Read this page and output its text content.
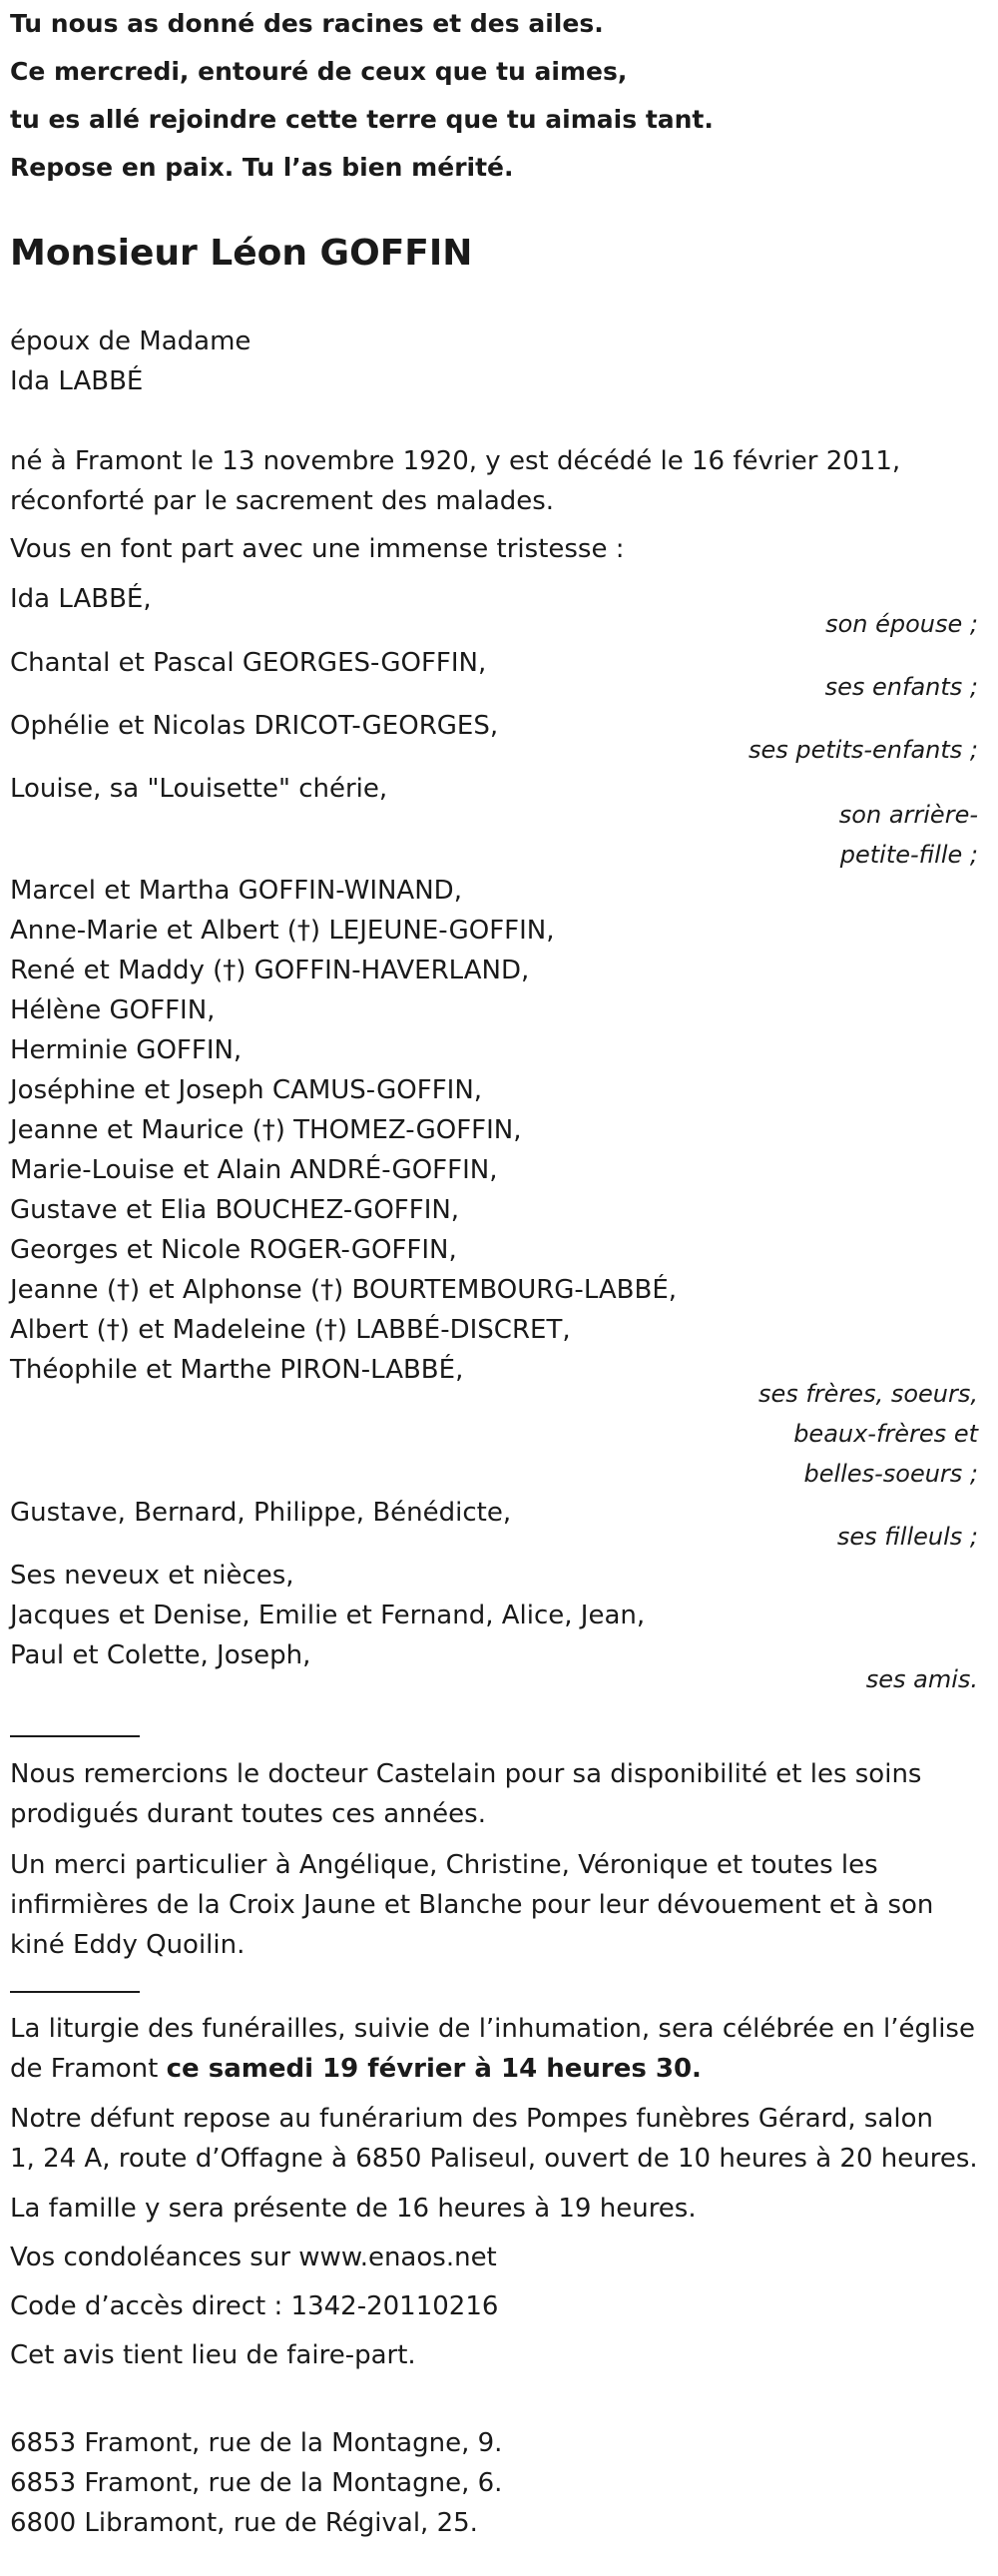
Tu nous as donné des racines et des ailes.
Ce mercredi, entouré de ceux que tu aimes,
tu es allé rejoindre cette terre que tu aimais tant.
Repose en paix. Tu l’as bien mérité.
Monsieur Léon GOFFIN
époux de Madame
Ida LABBÉ
né à Framont le 13 novembre 1920, y est décédé le 16 février 2011,
réconforté par le sacrement des malades.
Vous en font part avec une immense tristesse :
Ida LABBÉ,
son épouse ;
Chantal et Pascal GEORGES-GOFFIN,
ses enfants ;
Ophélie et Nicolas DRICOT-GEORGES,
ses petits-enfants ;
Louise, sa "Louisette" chérie,
son arrière-
petite-fille ;
Marcel et Martha GOFFIN-WINAND,
Anne-Marie et Albert (†) LEJEUNE-GOFFIN,
René et Maddy (†) GOFFIN-HAVERLAND,
Hélène GOFFIN,
Herminie GOFFIN,
Joséphine et Joseph CAMUS-GOFFIN,
Jeanne et Maurice (†) THOMEZ-GOFFIN,
Marie-Louise et Alain ANDRÉ-GOFFIN,
Gustave et Elia BOUCHEZ-GOFFIN,
Georges et Nicole ROGER-GOFFIN,
Jeanne (†) et Alphonse (†) BOURTEMBOURG-LABBÉ,
Albert (†) et Madeleine (†) LABBÉ-DISCRET,
Théophile et Marthe PIRON-LABBÉ,
ses frères, soeurs,
beaux-frères et
belles-soeurs ;
Gustave, Bernard, Philippe, Bénédicte,
ses filleuls ;
Ses neveux et nièces,
Jacques et Denise, Emilie et Fernand, Alice, Jean,
Paul et Colette, Joseph,
ses amis.
Nous remercions le docteur Castelain pour sa disponibilité et les soins
prodigués durant toutes ces années.
Un merci particulier à Angélique, Christine, Véronique et toutes les
infirmières de la Croix Jaune et Blanche pour leur dévouement et à son
kiné Eddy Quoilin.
La liturgie des funérailles, suivie de l’inhumation, sera célébrée en l’église
de Framont ce samedi 19 février à 14 heures 30.
Notre défunt repose au funérarium des Pompes funèbres Gérard, salon
1, 24 A, route d’Offagne à 6850 Paliseul, ouvert de 10 heures à 20 heures.
La famille y sera présente de 16 heures à 19 heures.
Vos condoléances sur www.enaos.net
Code d’accès direct : 1342-20110216
Cet avis tient lieu de faire-part.
6853 Framont, rue de la Montagne, 9.
6853 Framont, rue de la Montagne, 6.
6800 Libramont, rue de Régival, 25.
